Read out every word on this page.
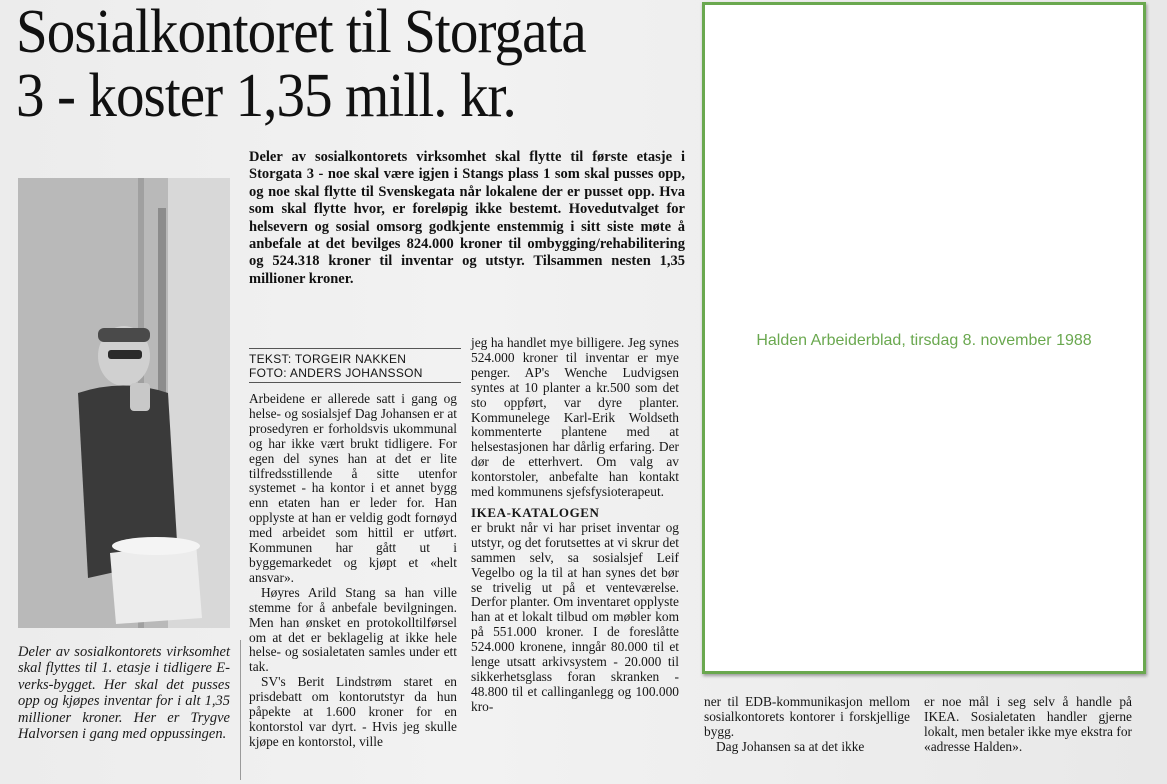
Sosialkontoret til Storgata
3 - koster 1,35 mill. kr.
Deler av sosialkontorets virksomhet skal flyttes til 1. etasje i tidligere E-verks-bygget. Her skal det pusses opp og kjøpes inventar for i alt 1,35 millioner kroner. Her er Trygve Halvorsen i gang med oppussingen.
Deler av sosialkontorets virksomhet skal flytte til første etasje i Storgata 3 - noe skal være igjen i Stangs plass 1 som skal pusses opp, og noe skal flytte til Svenskegata når lokalene der er pusset opp. Hva som skal flytte hvor, er foreløpig ikke bestemt. Hovedutvalget for helsevern og sosial omsorg godkjente enstemmig i sitt siste møte å anbefale at det bevilges 824.000 kroner til ombygging/rehabilitering og 524.318 kroner til inventar og utstyr. Tilsammen nesten 1,35 millioner kroner.
TEKST: TORGEIR NAKKEN
FOTO: ANDERS JOHANSSON

Arbeidene er allerede satt i gang og helse- og sosialsjef Dag Johansen er at prosedyren er forholdsvis ukommunal og har ikke vært brukt tidligere. For egen del synes han at det er lite tilfredsstillende å sitte utenfor systemet - ha kontor i et annet bygg enn etaten han er leder for. Han opplyste at han er veldig godt fornøyd med arbeidet som hittil er utført. Kommunen har gått ut i byggemarkedet og kjøpt et «helt ansvar».

Høyres Arild Stang sa han ville stemme for å anbefale bevilgningen. Men han ønsket en protokolltilførsel om at det er beklagelig at ikke hele helse- og sosialetaten samles under ett tak.

SV's Berit Lindstrøm staret en prisdebatt om kontorutstyr da hun påpekte at 1.600 kroner for en kontorstol var dyrt. - Hvis jeg skulle kjøpe en kontorstol, ville

jeg ha handlet mye billigere. Jeg synes 524.000 kroner til inventar er mye penger. AP's Wenche Ludvigsen syntes at 10 planter a kr.500 som det sto oppført, var dyre planter. Kommunelege Karl-Erik Woldseth kommenterte plantene med at helsestasjonen har dårlig erfaring. Der dør de etterhvert. Om valg av kontorstoler, anbefalte han kontakt med kommunens sjefsfysioterapeut.

IKEA-KATALOGEN

er brukt når vi har priset inventar og utstyr, og det forutsettes at vi skrur det sammen selv, sa sosialsjef Leif Vegelbo og la til at han synes det bør se trivelig ut på et venteværelse. Derfor planter. Om inventaret opplyste han at et lokalt tilbud om møbler kom på 551.000 kroner. I de foreslåtte 524.000 kronene, inngår 80.000 til et lenge utsatt arkivsystem - 20.000 til sikkerhetsglass foran skranken - 48.800 til et callinganlegg og 100.000 kro-	ner til EDB-kommunikasjon mellom sosialkontorets kontorer i forskjellige bygg.

Dag Johansen sa at det ikke

er noe mål i seg selv å handle på IKEA. Sosialetaten handler gjerne lokalt, men betaler ikke mye ekstra for «adresse Halden».

Halden Arbeiderblad, tirsdag 8. november 1988
